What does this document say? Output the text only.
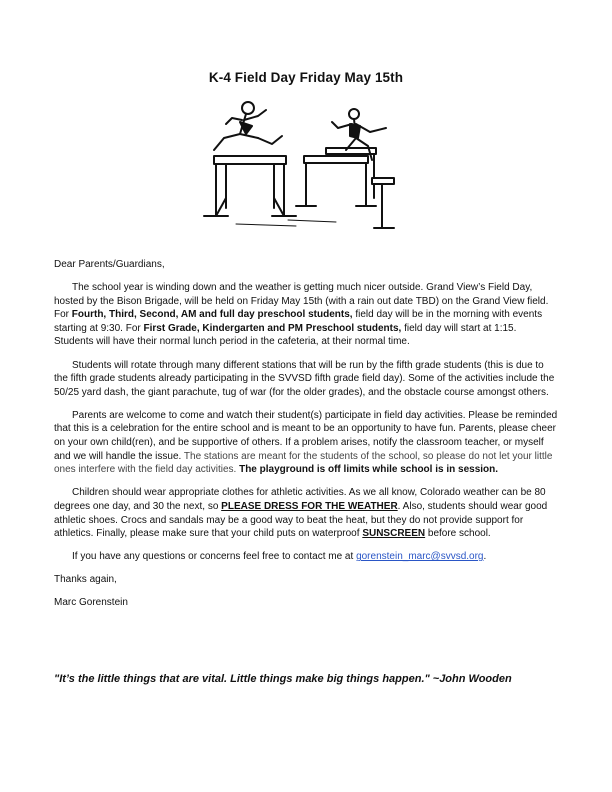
K-4 Field Day Friday May 15th

Dear Parents/Guardians,

The school year is winding down and the weather is getting much nicer outside. Grand View’s Field Day, hosted by the Bison Brigade, will be held on Friday May 15th (with a rain out date TBD) on the Grand View field. For Fourth, Third, Second, AM and full day preschool students, field day will be in the morning with events starting at 9:30. For First Grade, Kindergarten and PM Preschool students, field day will start at 1:15. Students will have their normal lunch period in the cafeteria, at their normal time.

Students will rotate through many different stations that will be run by the fifth grade students (this is due to the fifth grade students already participating in the SVVSD fifth grade field day). Some of the activities include the 50/25 yard dash, the giant parachute, tug of war (for the older grades), and the obstacle course amongst others.

Parents are welcome to come and watch their student(s) participate in field day activities. Please be reminded that this is a celebration for the entire school and is meant to be an opportunity to have fun. Parents, please cheer on your own child(ren), and be supportive of others. If a problem arises, notify the classroom teacher, or myself and we will handle the issue. The stations are meant for the students of the school, so please do not let your little ones interfere with the field day activities. The playground is off limits while school is in session.

Children should wear appropriate clothes for athletic activities. As we all know, Colorado weather can be 80 degrees one day, and 30 the next, so PLEASE DRESS FOR THE WEATHER. Also, students should wear good athletic shoes. Crocs and sandals may be a good way to beat the heat, but they do not provide support for athletics. Finally, please make sure that your child puts on waterproof SUNSCREEN before school.

If you have any questions or concerns feel free to contact me at gorenstein_marc@svvsd.org.

Thanks again,

Marc Gorenstein

"It’s the little things that are vital. Little things make big things happen." ~John Wooden
